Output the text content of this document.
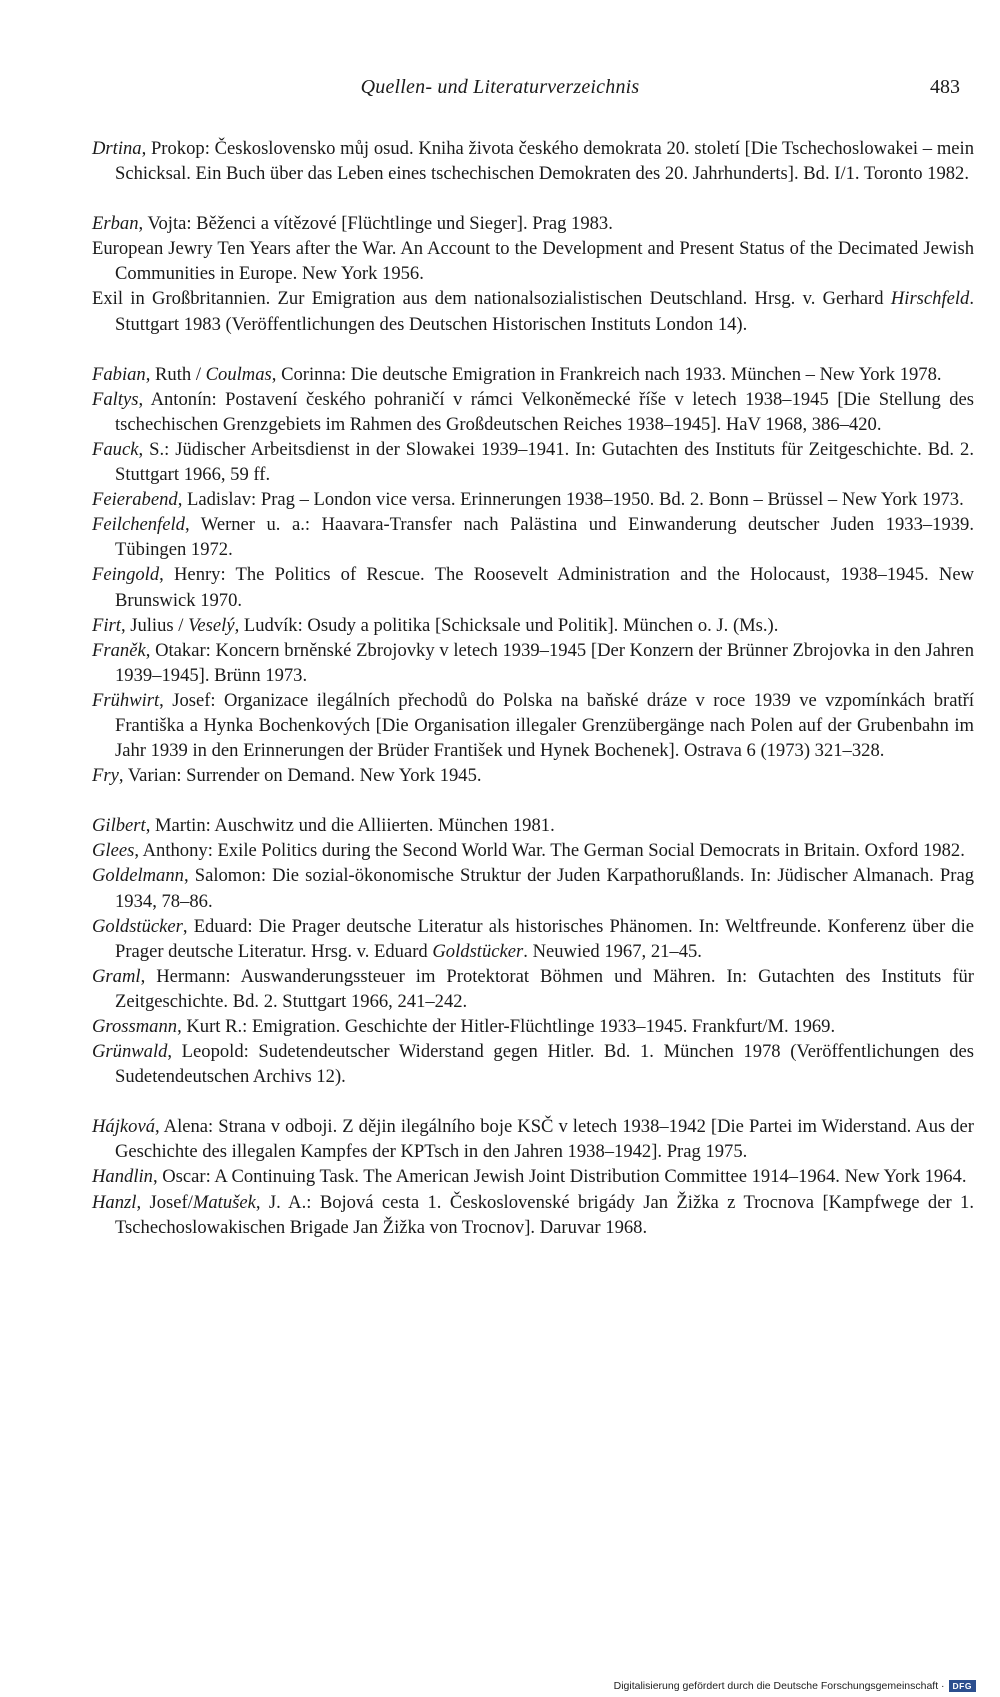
Quellen- und Literaturverzeichnis	483
Drtina, Prokop: Československo můj osud. Kniha života českého demokrata 20. století [Die Tschechoslowakei – mein Schicksal. Ein Buch über das Leben eines tschechischen Demokraten des 20. Jahrhunderts]. Bd. I/1. Toronto 1982.
Erban, Vojta: Běženci a vítězové [Flüchtlinge und Sieger]. Prag 1983.
European Jewry Ten Years after the War. An Account to the Development and Present Status of the Decimated Jewish Communities in Europe. New York 1956.
Exil in Großbritannien. Zur Emigration aus dem nationalsozialistischen Deutschland. Hrsg. v. Gerhard Hirschfeld. Stuttgart 1983 (Veröffentlichungen des Deutschen Historischen Instituts London 14).
Fabian, Ruth / Coulmas, Corinna: Die deutsche Emigration in Frankreich nach 1933. München – New York 1978.
Faltys, Antonín: Postavení českého pohraničí v rámci Velkoněmecké říše v letech 1938–1945 [Die Stellung des tschechischen Grenzgebiets im Rahmen des Großdeutschen Reiches 1938–1945]. HaV 1968, 386–420.
Fauck, S.: Jüdischer Arbeitsdienst in der Slowakei 1939–1941. In: Gutachten des Instituts für Zeitgeschichte. Bd. 2. Stuttgart 1966, 59 ff.
Feierabend, Ladislav: Prag – London vice versa. Erinnerungen 1938–1950. Bd. 2. Bonn – Brüssel – New York 1973.
Feilchenfeld, Werner u. a.: Haavara-Transfer nach Palästina und Einwanderung deutscher Juden 1933–1939. Tübingen 1972.
Feingold, Henry: The Politics of Rescue. The Roosevelt Administration and the Holocaust, 1938–1945. New Brunswick 1970.
Firt, Julius / Veselý, Ludvík: Osudy a politika [Schicksale und Politik]. München o. J. (Ms.).
Franěk, Otakar: Koncern brněnské Zbrojovky v letech 1939–1945 [Der Konzern der Brünner Zbrojovka in den Jahren 1939–1945]. Brünn 1973.
Frühwirt, Josef: Organizace ilegálních přechodů do Polska na baňské dráze v roce 1939 ve vzpomínkách bratří Františka a Hynka Bochenkových [Die Organisation illegaler Grenzübergänge nach Polen auf der Grubenbahn im Jahr 1939 in den Erinnerungen der Brüder František und Hynek Bochenek]. Ostrava 6 (1973) 321–328.
Fry, Varian: Surrender on Demand. New York 1945.
Gilbert, Martin: Auschwitz und die Alliierten. München 1981.
Glees, Anthony: Exile Politics during the Second World War. The German Social Democrats in Britain. Oxford 1982.
Goldelmann, Salomon: Die sozial-ökonomische Struktur der Juden Karpathorußlands. In: Jüdischer Almanach. Prag 1934, 78–86.
Goldstücker, Eduard: Die Prager deutsche Literatur als historisches Phänomen. In: Weltfreunde. Konferenz über die Prager deutsche Literatur. Hrsg. v. Eduard Goldstücker. Neuwied 1967, 21–45.
Graml, Hermann: Auswanderungssteuer im Protektorat Böhmen und Mähren. In: Gutachten des Instituts für Zeitgeschichte. Bd. 2. Stuttgart 1966, 241–242.
Grossmann, Kurt R.: Emigration. Geschichte der Hitler-Flüchtlinge 1933–1945. Frankfurt/M. 1969.
Grünwald, Leopold: Sudetendeutscher Widerstand gegen Hitler. Bd. 1. München 1978 (Veröffentlichungen des Sudetendeutschen Archivs 12).
Hájková, Alena: Strana v odboji. Z dějin ilegálního boje KSČ v letech 1938–1942 [Die Partei im Widerstand. Aus der Geschichte des illegalen Kampfes der KPTsch in den Jahren 1938–1942]. Prag 1975.
Handlin, Oscar: A Continuing Task. The American Jewish Joint Distribution Committee 1914–1964. New York 1964.
Hanzl, Josef/Matušek, J. A.: Bojová cesta 1. Československé brigády Jan Žižka z Trocnova [Kampfwege der 1. Tschechoslowakischen Brigade Jan Žižka von Trocnov]. Daruvar 1968.
Digitalisierung gefördert durch die Deutsche Forschungsgemeinschaft · DFG
